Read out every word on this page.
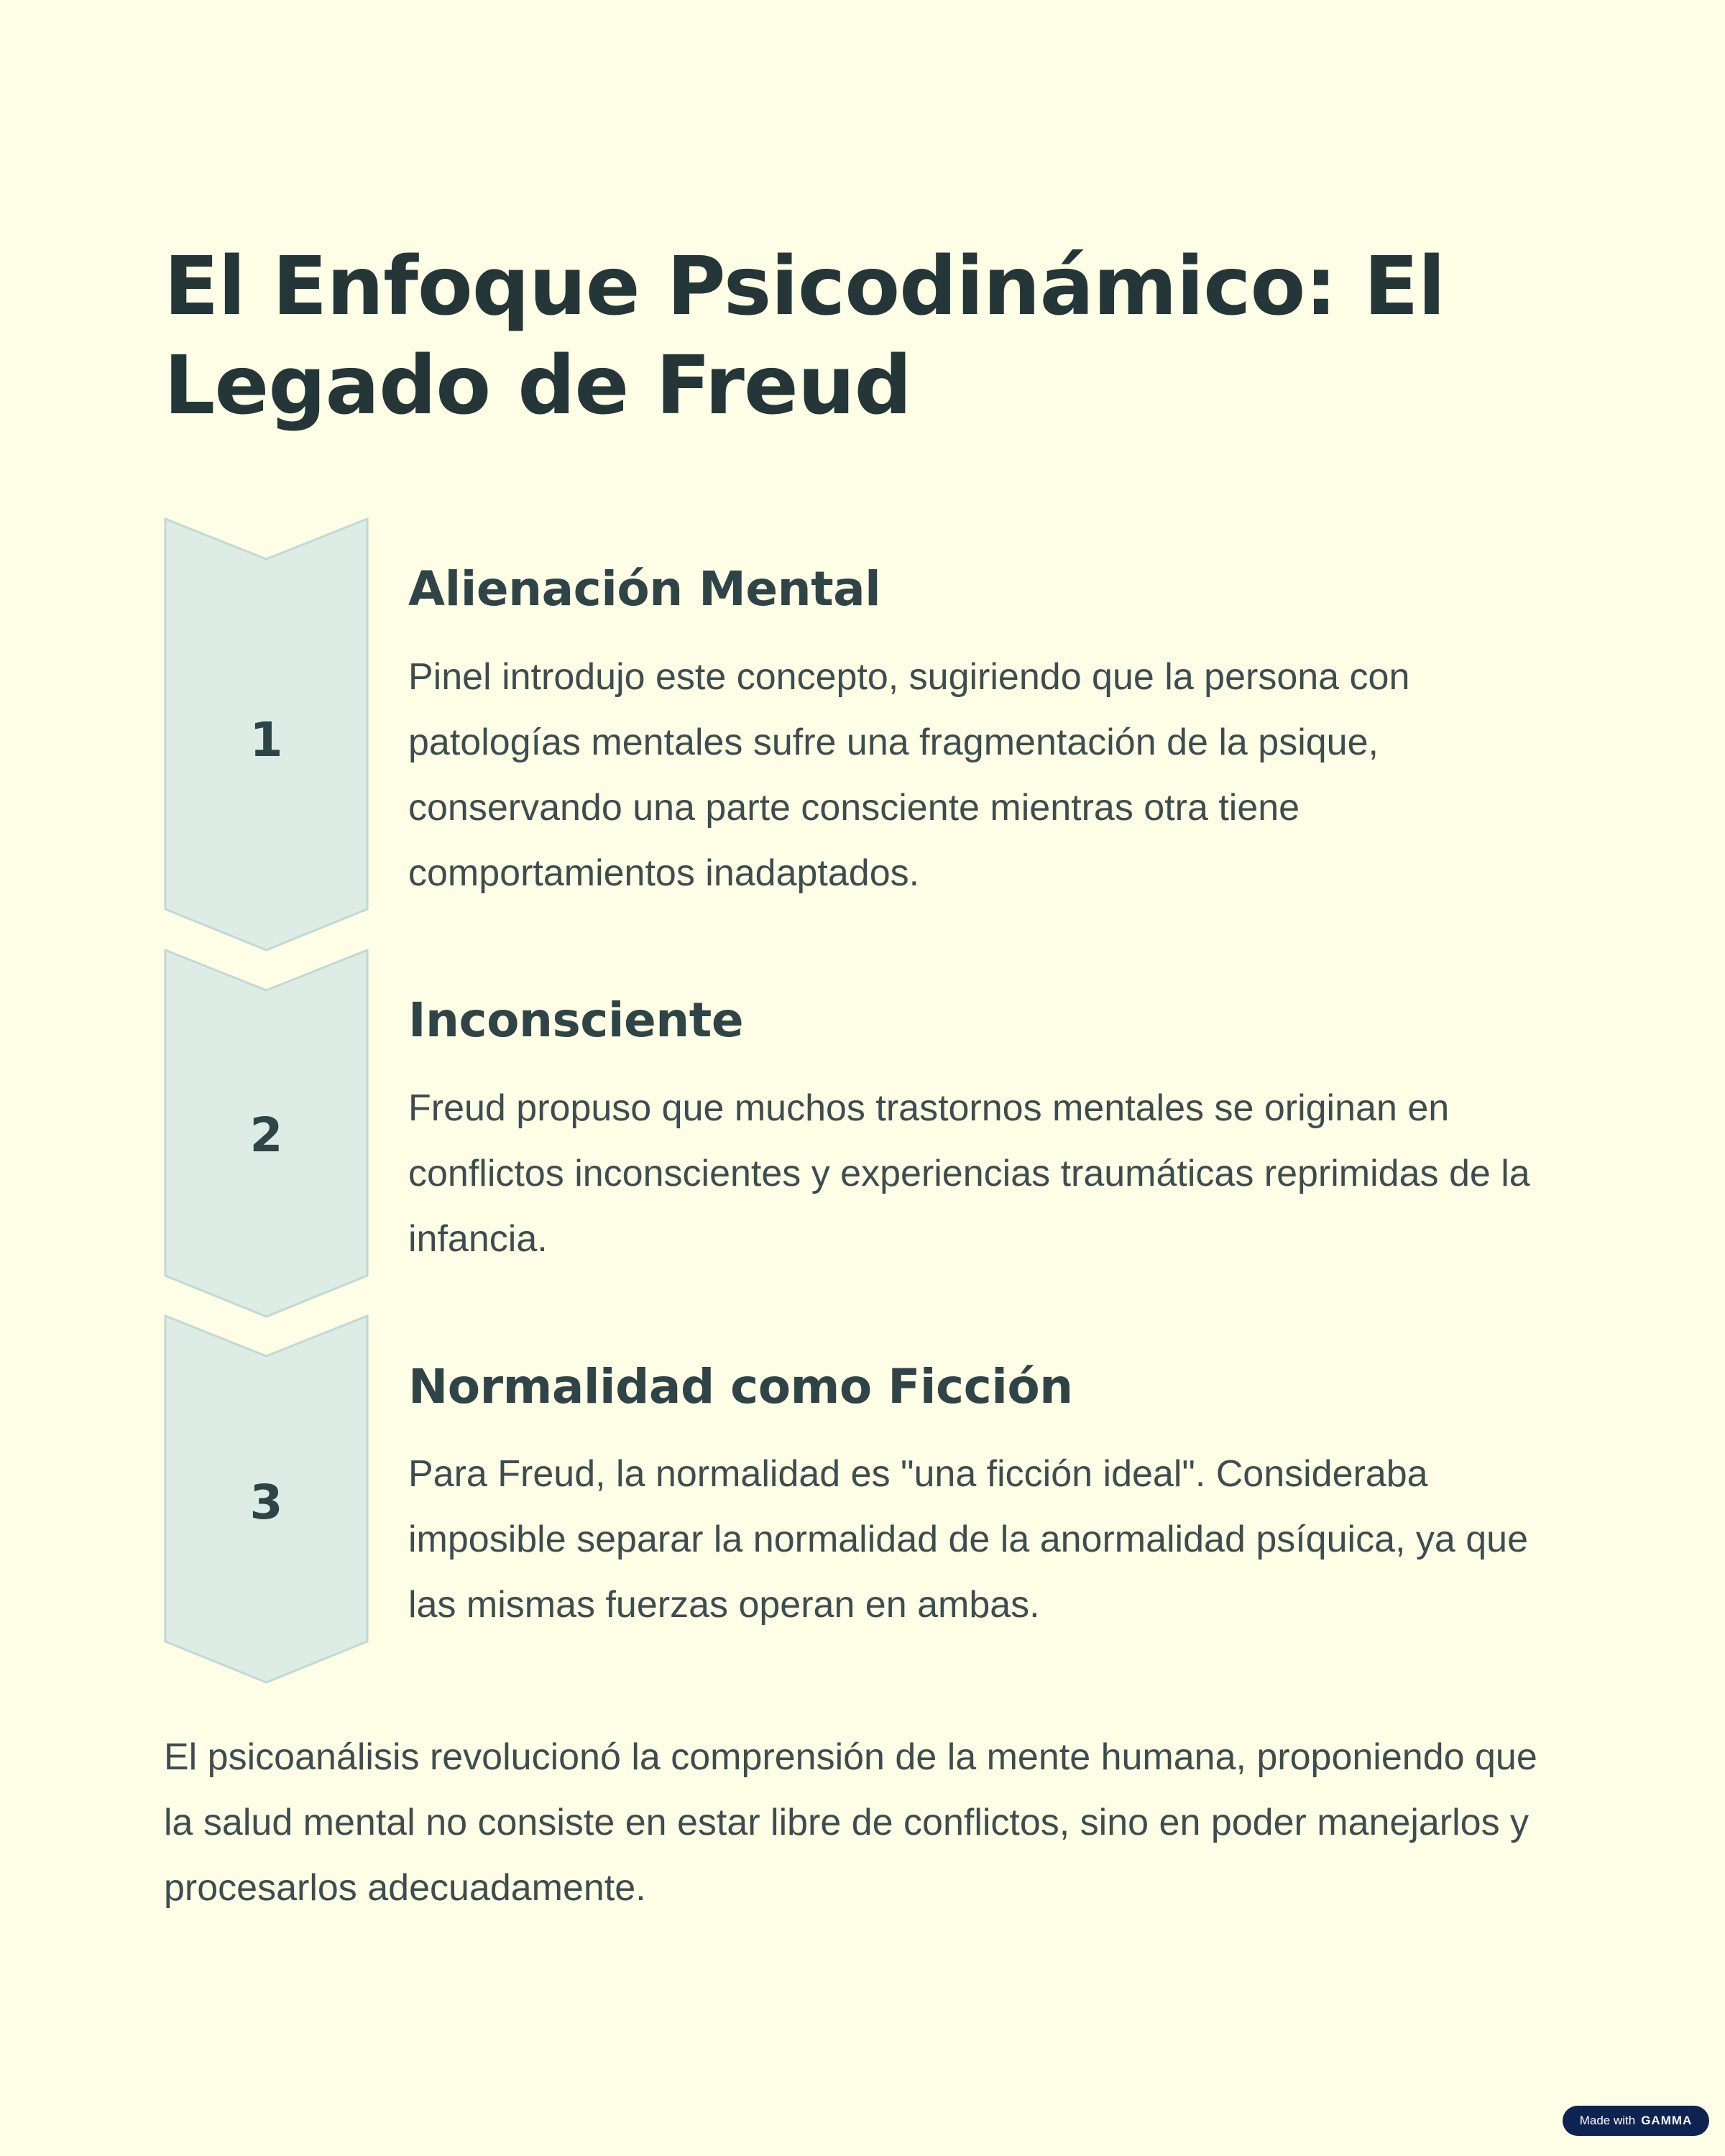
El Enfoque Psicodinámico: El Legado de Freud
1
Alienación Mental

Pinel introdujo este concepto, sugiriendo que la persona con patologías mentales sufre una fragmentación de la psique, conservando una parte consciente mientras otra tiene comportamientos inadaptados.

2
Inconsciente

Freud propuso que muchos trastornos mentales se originan en conflictos inconscientes y experiencias traumáticas reprimidas de la infancia.

3
Normalidad como Ficción

Para Freud, la normalidad es "una ficción ideal". Consideraba imposible separar la normalidad de la anormalidad psíquica, ya que las mismas fuerzas operan en ambas.

El psicoanálisis revolucionó la comprensión de la mente humana, proponiendo que la salud mental no consiste en estar libre de conflictos, sino en poder manejarlos y procesarlos adecuadamente.

Made with GAMMA
